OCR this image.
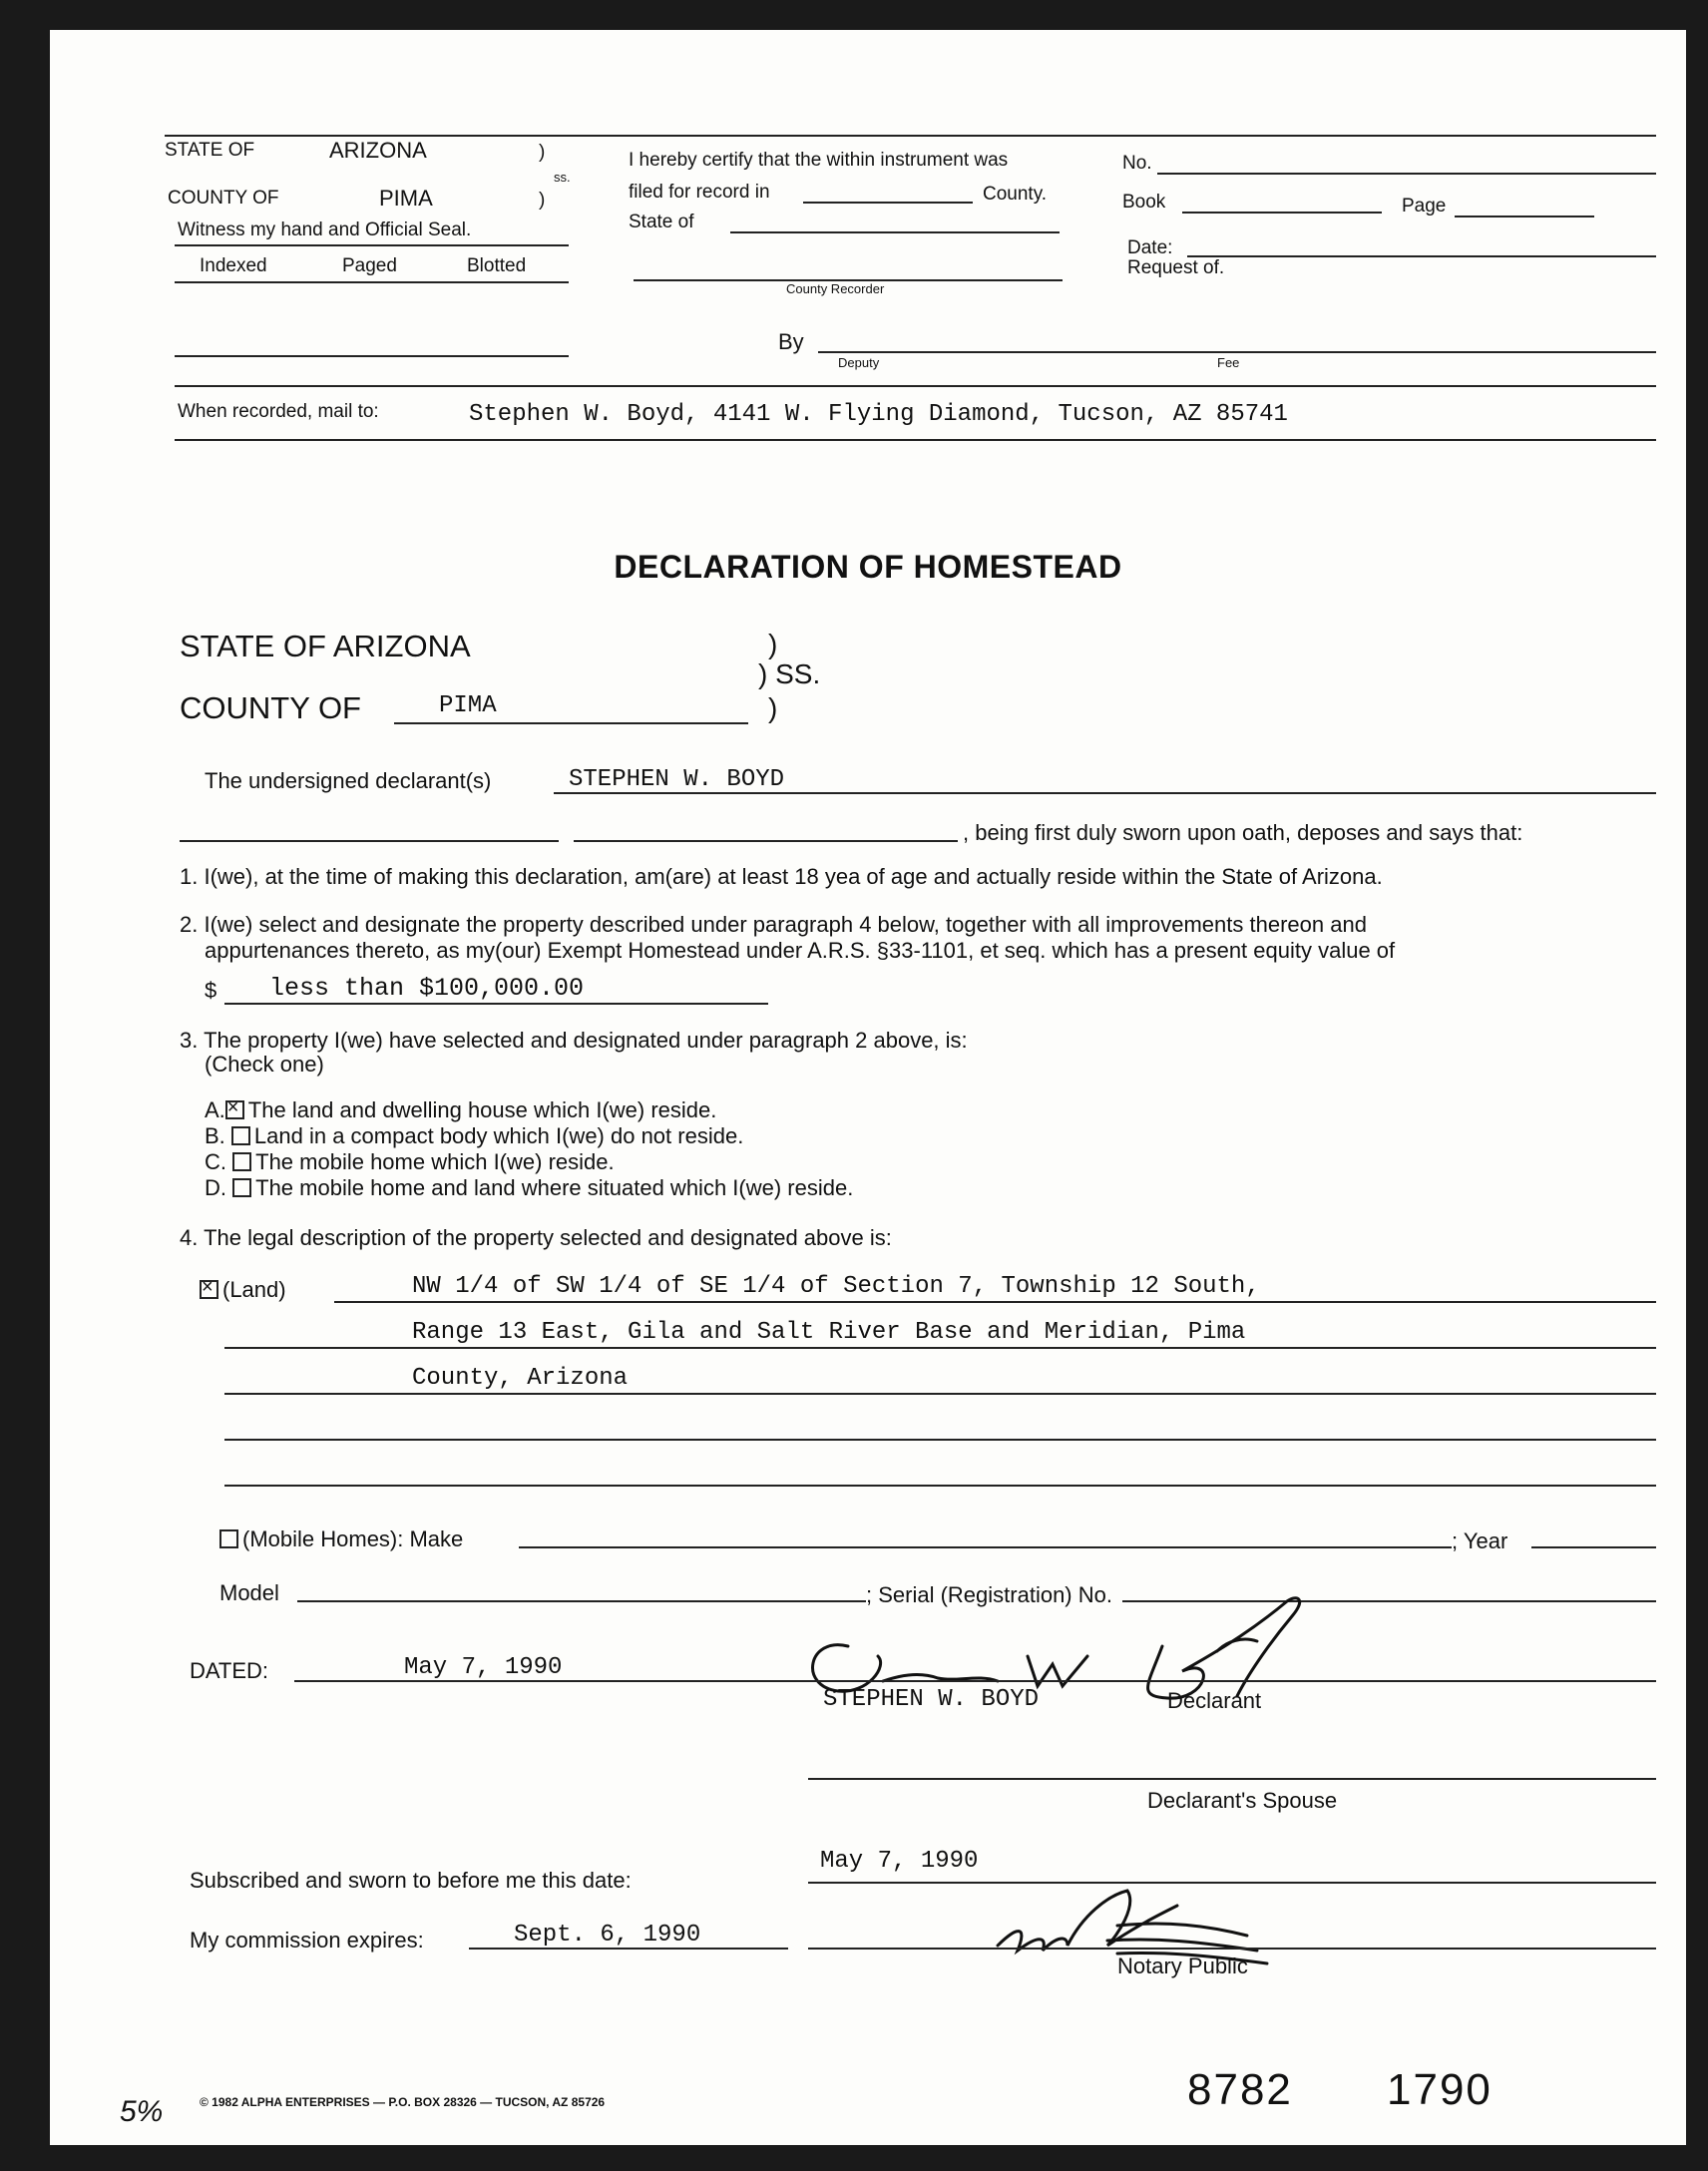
STATE OF	ARIZONA	)
ss.
COUNTY OF	PIMA	)
Witness my hand and Official Seal.
Indexed	Paged	Blotted
I hereby certify that the within instrument was
filed for record in	County.
State of
County Recorder
No.
Book	Page
Date:
Request of.
By
Deputy	Fee
When recorded, mail to:	Stephen W. Boyd, 4141 W. Flying Diamond, Tucson, AZ 85741
DECLARATION OF HOMESTEAD
STATE OF ARIZONA	)
) SS.
COUNTY OF	PIMA	)
The undersigned declarant(s)	STEPHEN W. BOYD
, being first duly sworn upon oath, deposes and says that:
1. I(we), at the time of making this declaration, am(are) at least 18 yea of age and actually reside within the State of Arizona.
2. I(we) select and designate the property described under paragraph 4 below, together with all improvements thereon and
appurtenances thereto, as my(our) Exempt Homestead under A.R.S. §33-1101, et seq. which has a present equity value of
$ less than $100,000.00
3. The property I(we) have selected and designated under paragraph 2 above, is:
(Check one)
A.× The land and dwelling house which I(we) reside.
B. Land in a compact body which I(we) do not reside.
C. The mobile home which I(we) reside.
D. The mobile home and land where situated which I(we) reside.
4. The legal description of the property selected and designated above is:
×(Land)	NW 1/4 of SW 1/4 of SE 1/4 of Section 7, Township 12 South,
Range 13 East, Gila and Salt River Base and Meridian, Pima
County, Arizona
(Mobile Homes): Make	; Year
Model	; Serial (Registration) No.
DATED:	May 7, 1990
STEPHEN W. BOYD	Declarant
Declarant's Spouse
Subscribed and sworn to before me this date:
May 7, 1990
My commission expires:	Sept. 6, 1990
Notary Public
© 1982 ALPHA ENTERPRISES — P.O. BOX 28326 — TUCSON, AZ 85726	8782 1790
5%
